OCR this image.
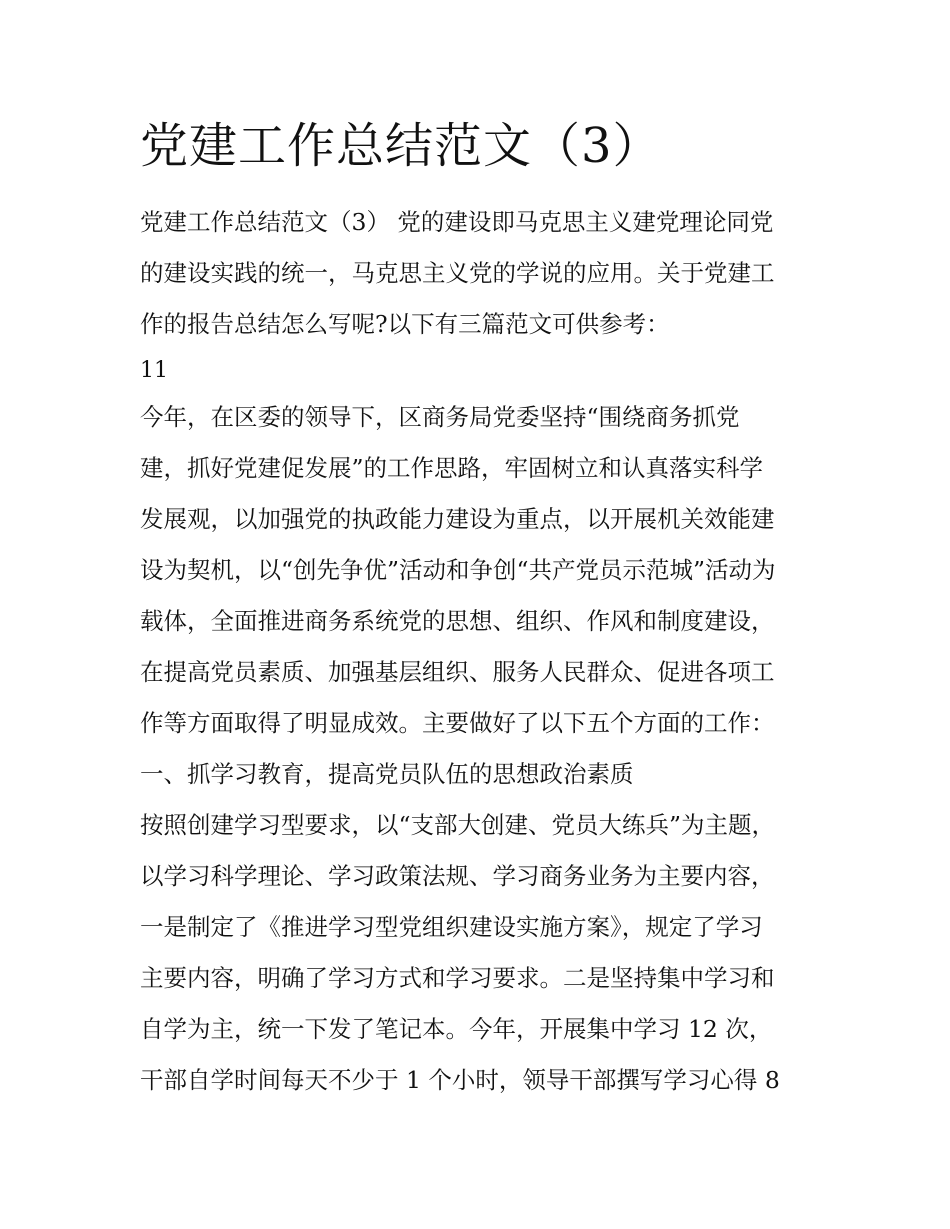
党建工作总结范文（3）

党建工作总结范文（3） 党的建设即马克思主义建党理论同党

的建设实践的统一，马克思主义党的学说的应用。关于党建工

作的报告总结怎么写呢?以下有三篇范文可供参考：

11

今年，在区委的领导下，区商务局党委坚持“围绕商务抓党

建，抓好党建促发展”的工作思路，牢固树立和认真落实科学

发展观，以加强党的执政能力建设为重点，以开展机关效能建

设为契机，以“创先争优”活动和争创“共产党员示范城”活动为

载体，全面推进商务系统党的思想、组织、作风和制度建设，

在提高党员素质、加强基层组织、服务人民群众、促进各项工

作等方面取得了明显成效。主要做好了以下五个方面的工作：

一、抓学习教育，提高党员队伍的思想政治素质

按照创建学习型要求，以“支部大创建、党员大练兵”为主题，

以学习科学理论、学习政策法规、学习商务业务为主要内容，

一是制定了《推进学习型党组织建设实施方案》，规定了学习

主要内容，明确了学习方式和学习要求。二是坚持集中学习和

自学为主，统一下发了笔记本。今年，开展集中学习 12 次，

干部自学时间每天不少于 1 个小时，领导干部撰写学习心得 8
